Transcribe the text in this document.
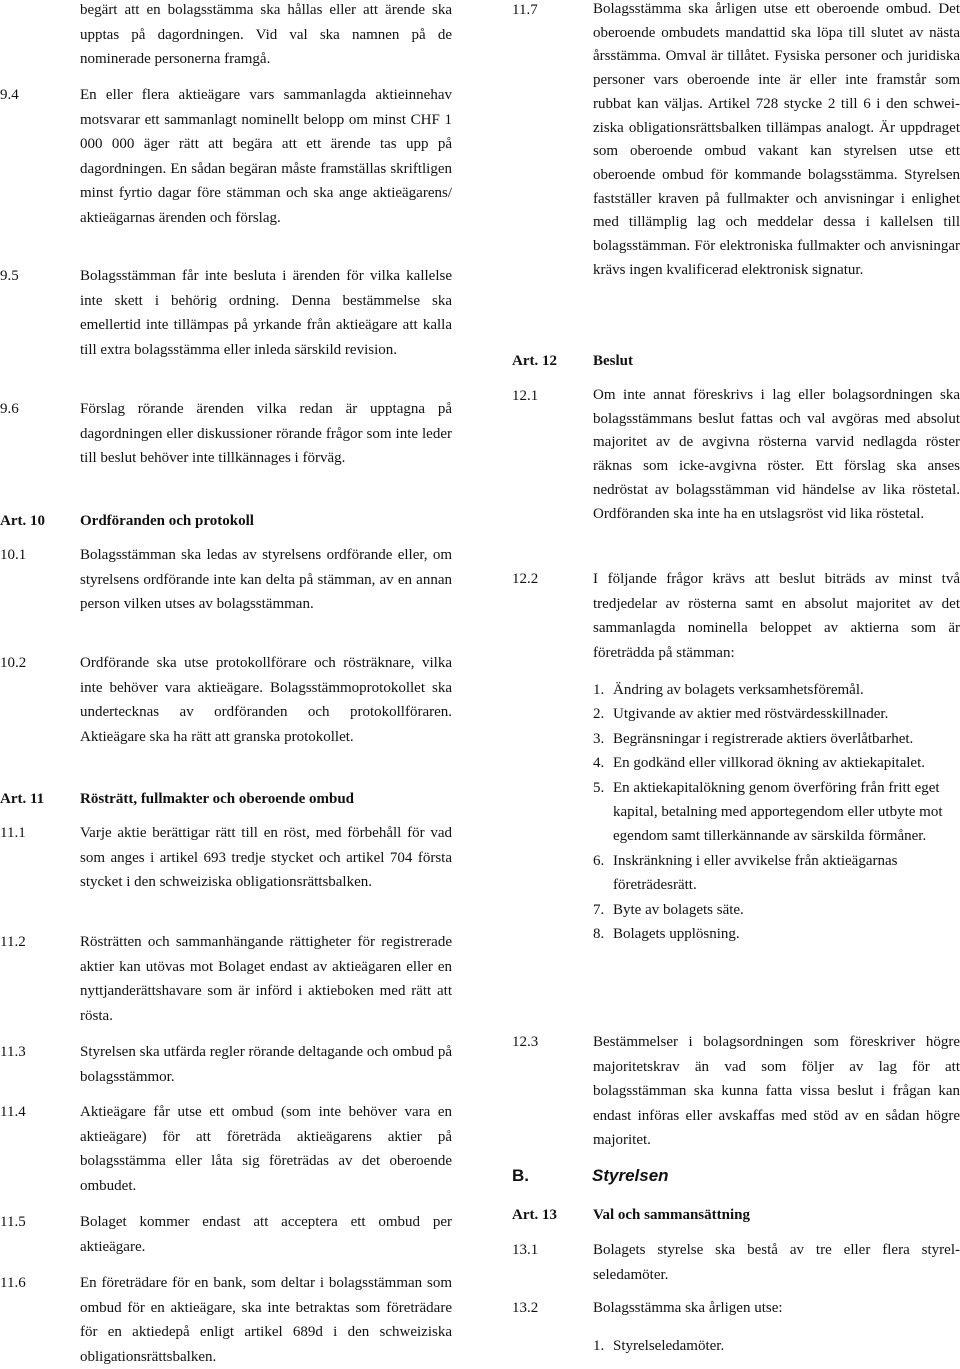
begärt att en bolagsstämma ska hållas eller att ärende ska upptas på dagordningen. Vid val ska namnen på de nominerade personerna framgå.
9.4	En eller flera aktieägare vars sammanlagda aktieinnehav motsvarar ett sammanlagt nominellt belopp om minst CHF 1 000 000 äger rätt att begära att ett ärende tas upp på dagordningen. En sådan begäran måste framställas skriftligen minst fyrtio dagar före stämman och ska ange aktieägarens/ aktieägarnas ärenden och förslag.
9.5	Bolagsstämman får inte besluta i ärenden för vilka kallelse inte skett i behörig ordning. Denna bestämmelse ska emellertid inte tillämpas på yrkande från aktieägare att kalla till extra bolagsstämma eller inleda särskild revision.
9.6	Förslag rörande ärenden vilka redan är upptagna på dagordningen eller diskussioner rörande frågor som inte leder till beslut behöver inte tillkännages i förväg.
Art. 10 Ordföranden och protokoll
10.1	Bolagsstämman ska ledas av styrelsens ordförande eller, om styrelsens ordförande inte kan delta på stämman, av en annan person vilken utses av bolagsstämman.
10.2	Ordförande ska utse protokollförare och rösträknare, vilka inte behöver vara aktieägare. Bolagsstämmoprotokollet ska undertecknas av ordföranden och protokollföraren. Aktieägare ska ha rätt att granska protokollet.
Art. 11 Rösträtt, fullmakter och oberoende ombud
11.1	Varje aktie berättigar rätt till en röst, med förbehåll för vad som anges i artikel 693 tredje stycket och artikel 704 första stycket i den schweiziska obligationsrättsbalken.
11.2	Rösträtten och sammanhängande rättigheter för registrerade aktier kan utövas mot Bolaget endast av aktieägaren eller en nyttjanderättshavare som är införd i aktieboken med rätt att rösta.
11.3	Styrelsen ska utfärda regler rörande deltagande och ombud på bolagsstämmor.
11.4	Aktieägare får utse ett ombud (som inte behöver vara en aktieägare) för att företräda aktieägarens aktier på bolagsstämma eller låta sig företrädas av det oberoende ombudet.
11.5	Bolaget kommer endast att acceptera ett ombud per aktieägare.
11.6	En företrädare för en bank, som deltar i bolagsstämman som ombud för en aktieägare, ska inte betraktas som företrädare för en aktiedepå enligt artikel 689d i den schweiziska obligationsrättsbalken.
11.7	Bolagsstämma ska årligen utse ett oberoende ombud. Det oberoende ombudets mandattid ska löpa till slutet av nästa årsstämma. Omval är tillåtet. Fysiska personer och juridiska personer vars oberoende inte är eller inte framstår som rubbat kan väljas. Artikel 728 stycke 2 till 6 i den schweiziska obligationsrättsbalken tillämpas analogt. Är uppdraget som oberoende ombud vakant kan styrelsen utse ett oberoende ombud för kommande bolagsstämma. Styrelsen fastställer kraven på fullmakter och anvisningar i enlighet med tillämplig lag och meddelar dessa i kallelsen till bolagsstämman. För elektroniska fullmakter och anvisningar krävs ingen kvalificerad elektronisk signatur.
Art. 12 Beslut
12.1	Om inte annat föreskrivs i lag eller bolagsordningen ska bolagsstämmans beslut fattas och val avgöras med absolut majoritet av de avgivna rösterna varvid nedlagda röster räknas som icke-avgivna röster. Ett förslag ska anses nedröstat av bolagsstämman vid händelse av lika röstetal. Ordföranden ska inte ha en utslagsröst vid lika röstetal.
12.2	I följande frågor krävs att beslut biträds av minst två tredjedelar av rösterna samt en absolut majoritet av det sammanlagda nominella beloppet av aktierna som är företrädda på stämman:
1. Ändring av bolagets verksamhetsföremål.
2. Utgivande av aktier med röstvärdesskillnader.
3. Begränsningar i registrerade aktiers överlåtbarhet.
4. En godkänd eller villkorad ökning av aktiekapitalet.
5. En aktiekapitalökning genom överföring från fritt eget kapital, betalning med apportegendom eller utbyte mot egendom samt tillerkännande av särskilda förmåner.
6. Inskränkning i eller avvikelse från aktieägarnas företrädesrätt.
7. Byte av bolagets säte.
8. Bolagets upplösning.
12.3	Bestämmelser i bolagsordningen som föreskriver högre majoritetskrav än vad som följer av lag för att bolagsstämman ska kunna fatta vissa beslut i frågan kan endast införas eller avskaffas med stöd av en sådan högre majoritet.
B.	Styrelsen
Art. 13 Val och sammansättning
13.1	Bolagets styrelse ska bestå av tre eller flera styrelseledamöter.
13.2	Bolagsstämma ska årligen utse:
1. Styrelseledamöter.
